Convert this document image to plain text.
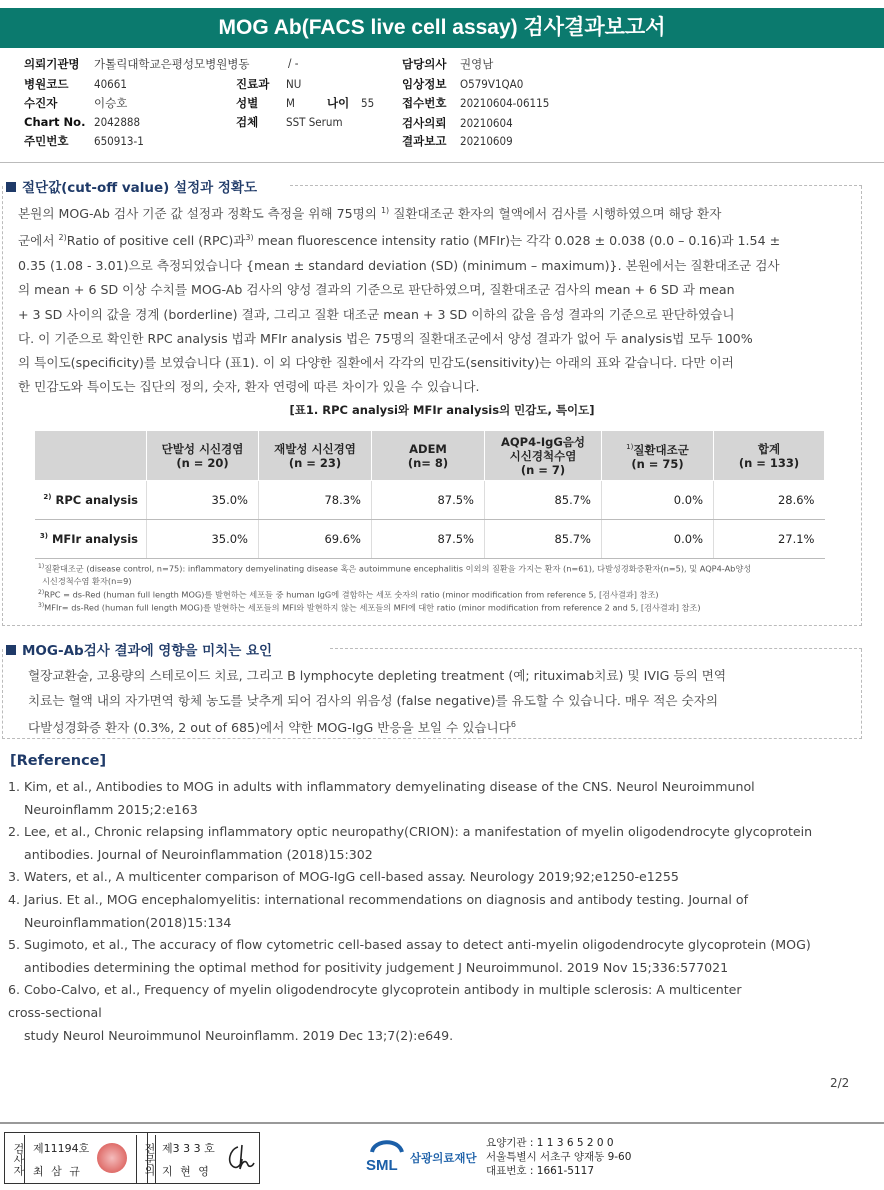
MOG Ab(FACS live cell assay) 검사결과보고서
의뢰기관명 가톨릭대학교은평성모병원병동
병원코드 40661
수진자	이승호
Chart No. 2042888
주민번호 650913-1
/ -
진료과 NU
성별 M	나이 55
검체 SST Serum
담당의사 권영남
임상정보 O579V1QA0
접수번호 20210604-06115
검사의뢰 20210604
결과보고 20210609
절단값(cut-off value) 설정과 정확도
본원의 MOG-Ab 검사 기준 값 설정과 정확도 측정을 위해 75명의 $^{1)}$ 질환대조군 환자의 혈액에서 검사를 시행하였으며 해당 환자
군에서 $^{2)}$Ratio of positive cell (RPC)과$^{3)}$ mean fluorescence intensity ratio (MFIr)는 각각 0.028 ± 0.038 (0.0 – 0.16)과 1.54 ±
0.35 (1.08 - 3.01)으로 측정되었습니다 {mean ± standard deviation (SD) (minimum – maximum)}. 본원에서는 질환대조군 검사
의 mean + 6 SD 이상 수치를 MOG-Ab 검사의 양성 결과의 기준으로 판단하였으며, 질환대조군 검사의 mean + 6 SD 과 mean
+ 3 SD 사이의 값을 경계 (borderline) 결과, 그리고 질환 대조군 mean + 3 SD 이하의 값을 음성 결과의 기준으로 판단하였습니
다. 이 기준으로 확인한 RPC analysis 법과 MFIr analysis 법은 75명의 질환대조군에서 양성 결과가 없어 두 analysis법 모두 100%
의 특이도(specificity)를 보였습니다 (표1). 이 외 다양한 질환에서 각각의 민감도(sensitivity)는 아래의 표와 같습니다. 다만 이러
한 민감도와 특이도는 집단의 정의, 숫자, 환자 연령에 따른 차이가 있을 수 있습니다.
[표1. RPC analysi와 MFIr analysis의 민감도, 특이도]
	단발성 시신경염
(n = 20)	재발성 시신경염
(n = 23)	ADEM
(n= 8)	AQP4-IgG음성
시신경척수염
(n = 7)	$^{1)}$질환대조군
(n = 75)	합계
(n = 133)
$^{2)}$ RPC analysis	35.0%	78.3%	87.5%	85.7%	0.0%	28.6%
$^{3)}$ MFIr analysis	35.0%	69.6%	87.5%	85.7%	0.0%	27.1%
$^{1)}$질환대조군 (disease control, n=75): inflammatory demyelinating disease 혹은 autoimmune encephalitis 이외의 질환을 가지는 환자 (n=61), 다발성경화증환자(n=5), 및 AQP4-Ab양성
시신경척수염 환자(n=9)
$^{2)}$RPC = ds-Red (human full length MOG)를 발현하는 세포들 중 human IgG에 결합하는 세포 숫자의 ratio (minor modification from reference 5, [검사결과] 참조)
$^{3)}$MFIr= ds-Red (human full length MOG)를 발현하는 세포들의 MFI와 발현하지 않는 세포들의 MFI에 대한 ratio (minor modification from reference 2 and 5, [검사결과] 참조)
MOG-Ab검사 결과에 영향을 미치는 요인
혈장교환술, 고용량의 스테로이드 치료, 그리고 B lymphocyte depleting treatment (예; rituximab치료) 및 IVIG 등의 면역
치료는 혈액 내의 자가면역 항체 농도를 낮추게 되어 검사의 위음성 (false negative)를 유도할 수 있습니다. 매우 적은 숫자의
다발성경화증 환자 (0.3%, 2 out of 685)에서 약한 MOG-IgG 반응을 보일 수 있습니다$^6$
[Reference]
1. Kim, et al., Antibodies to MOG in adults with inflammatory demyelinating disease of the CNS. Neurol Neuroimmunol
Neuroinflamm 2015;2:e163
2. Lee, et al., Chronic relapsing inflammatory optic neuropathy(CRION): a manifestation of myelin oligodendrocyte glycoprotein
antibodies. Journal of Neuroinflammation (2018)15:302
3. Waters, et al., A multicenter comparison of MOG-IgG cell-based assay. Neurology 2019;92;e1250-e1255
4. Jarius. Et al., MOG encephalomyelitis: international recommendations on diagnosis and antibody testing. Journal of
Neuroinflammation(2018)15:134
5. Sugimoto, et al., The accuracy of flow cytometric cell-based assay to detect anti-myelin oligodendrocyte glycoprotein (MOG)
antibodies determining the optimal method for positivity judgement J Neuroimmunol. 2019 Nov 15;336:577021
6. Cobo-Calvo, et al., Frequency of myelin oligodendrocyte glycoprotein antibody in multiple sclerosis: A multicenter
cross-sectional
study Neurol Neuroimmunol Neuroinflamm. 2019 Dec 13;7(2):e649.
2/2
검사자 제11194호
최 삼 규	전문의 제3 3 3 호
지 현 영	SML 삼광의료재단
요양기관 : 1 1 3 6 5 2 0 0
서울특별시 서초구 양재동 9-60
대표번호 : 1661-5117
